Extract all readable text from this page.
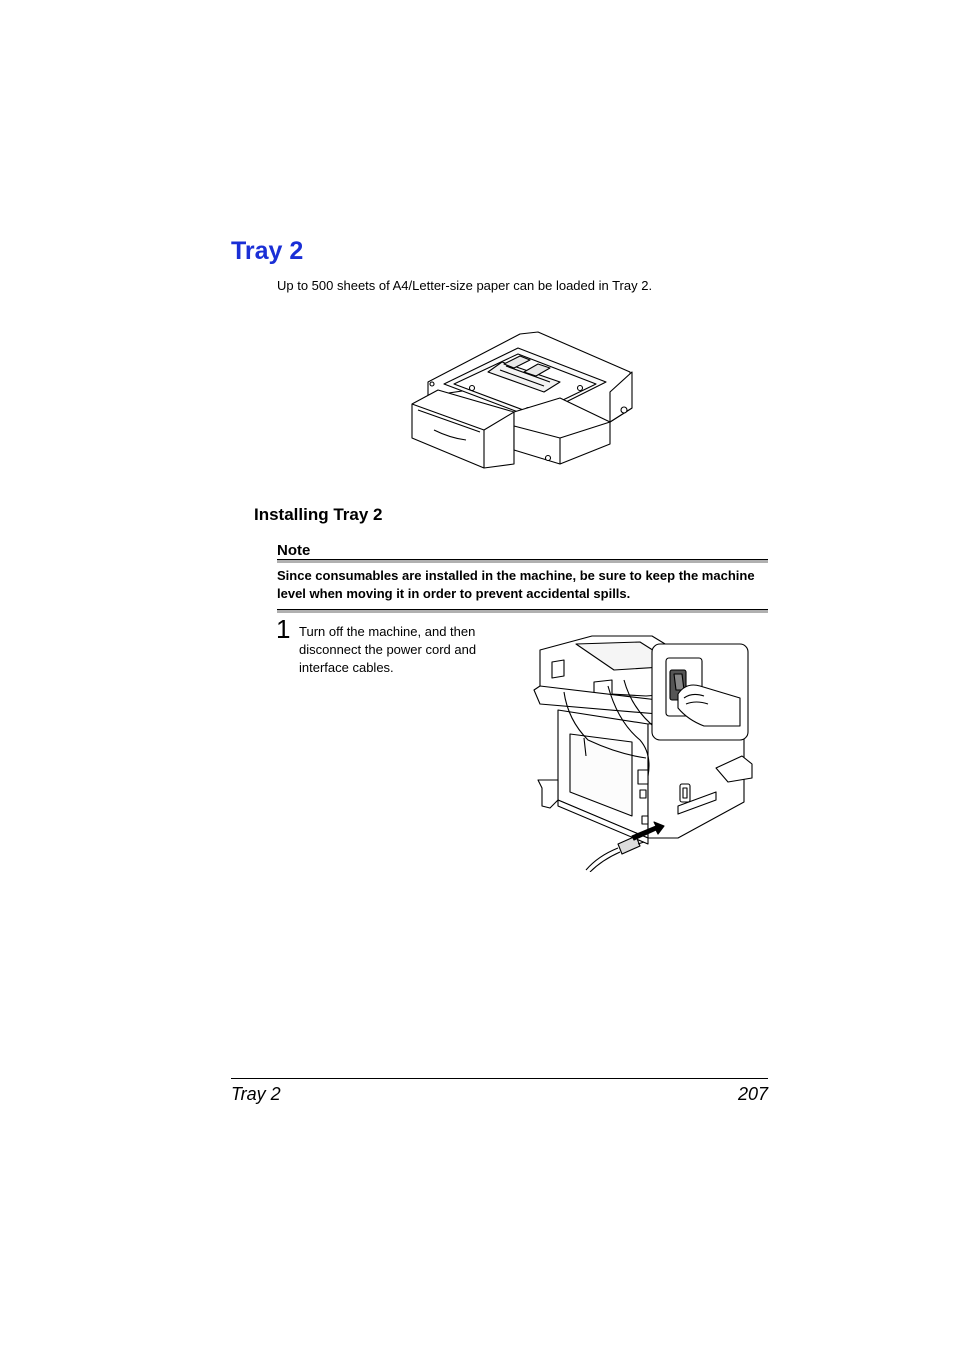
Tray 2
Up to 500 sheets of A4/Letter-size paper can be loaded in Tray 2.
Installing Tray 2
Note
Since consumables are installed in the machine, be sure to keep the machine level when moving it in order to prevent accidental spills.
1 Turn off the machine, and then disconnect the power cord and interface cables.
Tray 2	207
